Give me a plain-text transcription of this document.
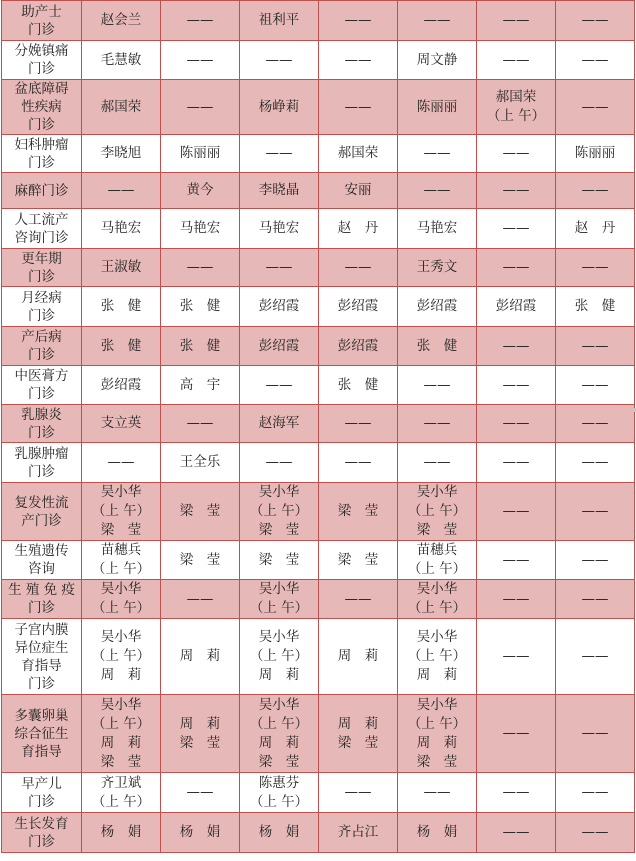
助产士
门诊	赵会兰	——	祖利平	——	——	——	——

分娩镇痛
门诊	毛慧敏	——	——	——	周文静	——	——

盆底障碍
性疾病
门诊	郝国荣	——	杨峥莉	——	陈丽丽	郝国荣
（上 午）	——

妇科肿瘤
门诊	李晓旭	陈丽丽	——	郝国荣	——	——	陈丽丽

麻醉门诊	——	黄今	李晓晶	安丽	——	——	——

人工流产
咨询门诊	马艳宏	马艳宏	马艳宏	赵　丹	马艳宏	——	赵　丹

更年期
门诊	王淑敏	——	——	——	王秀文	——	——

月经病
门诊	张　健	张　健	彭绍霞	彭绍霞	彭绍霞	彭绍霞	张　健

产后病
门诊	张　健	张　健	彭绍霞	彭绍霞	张　健	——	——

中医膏方
门诊	彭绍霞	高　宇	——	张　健	——	——	——

乳腺炎
门诊	支立英	——	赵海军	——	——	——	——

乳腺肿瘤
门诊	——	王全乐	——	——	——	——	——

复发性流
产门诊	吴小华
（上 午）
梁　莹	梁　莹	吴小华
（上 午）
梁　莹	梁　莹	吴小华
（上 午）
梁　莹	——	——

生殖遗传
咨询	苗穗兵
（上 午）	梁　莹	梁　莹	梁　莹	苗穗兵
（上 午）	——	——

生 殖 免 疫
门诊	吴小华
（上 午）	——	吴小华
（上 午）	——	吴小华
（上 午）	——	——

子宫内膜
异位症生
育指导
门诊	吴小华
（上 午）
周　莉	周　莉	吴小华
（上 午）
周　莉	周　莉	吴小华
（上 午）
周　莉	——	——

多囊卵巢
综合征生
育指导	吴小华
（上 午）
周　莉
梁　莹	周　莉
梁　莹	吴小华
（上 午）
周　莉
梁　莹	周　莉
梁　莹	吴小华
（上 午）
周　莉
梁　莹	——	——

早产儿
门诊	齐卫斌
（上 午）	——	陈惠芬
（上 午）	——	——	——	——

生长发育
门诊	杨　娟	杨　娟	杨　娟	齐占江	杨　娟	——	——
